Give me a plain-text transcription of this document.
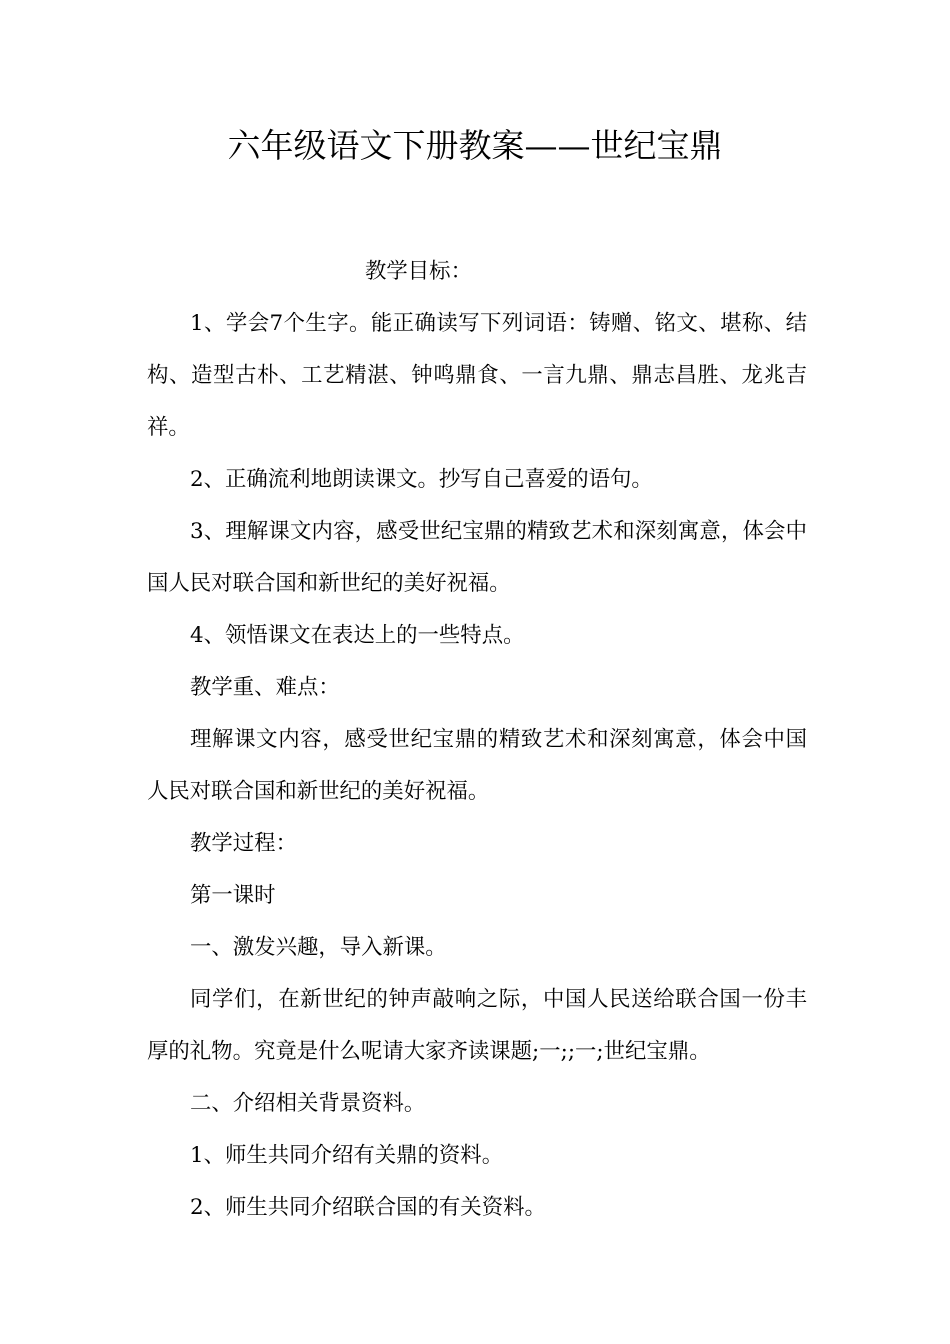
六年级语文下册教案——世纪宝鼎

教学目标：

1、学会7个生字。能正确读写下列词语：铸赠、铭文、堪称、结构、造型古朴、工艺精湛、钟鸣鼎食、一言九鼎、鼎志昌胜、龙兆吉祥。

2、正确流利地朗读课文。抄写自己喜爱的语句。

3、理解课文内容，感受世纪宝鼎的精致艺术和深刻寓意，体会中国人民对联合国和新世纪的美好祝福。

4、领悟课文在表达上的一些特点。

教学重、难点：

理解课文内容，感受世纪宝鼎的精致艺术和深刻寓意，体会中国人民对联合国和新世纪的美好祝福。

教学过程：

第一课时

一、激发兴趣，导入新课。

同学们，在新世纪的钟声敲响之际，中国人民送给联合国一份丰厚的礼物。究竟是什么呢请大家齐读课题;一;;一;世纪宝鼎。

二、介绍相关背景资料。

1、师生共同介绍有关鼎的资料。

2、师生共同介绍联合国的有关资料。
